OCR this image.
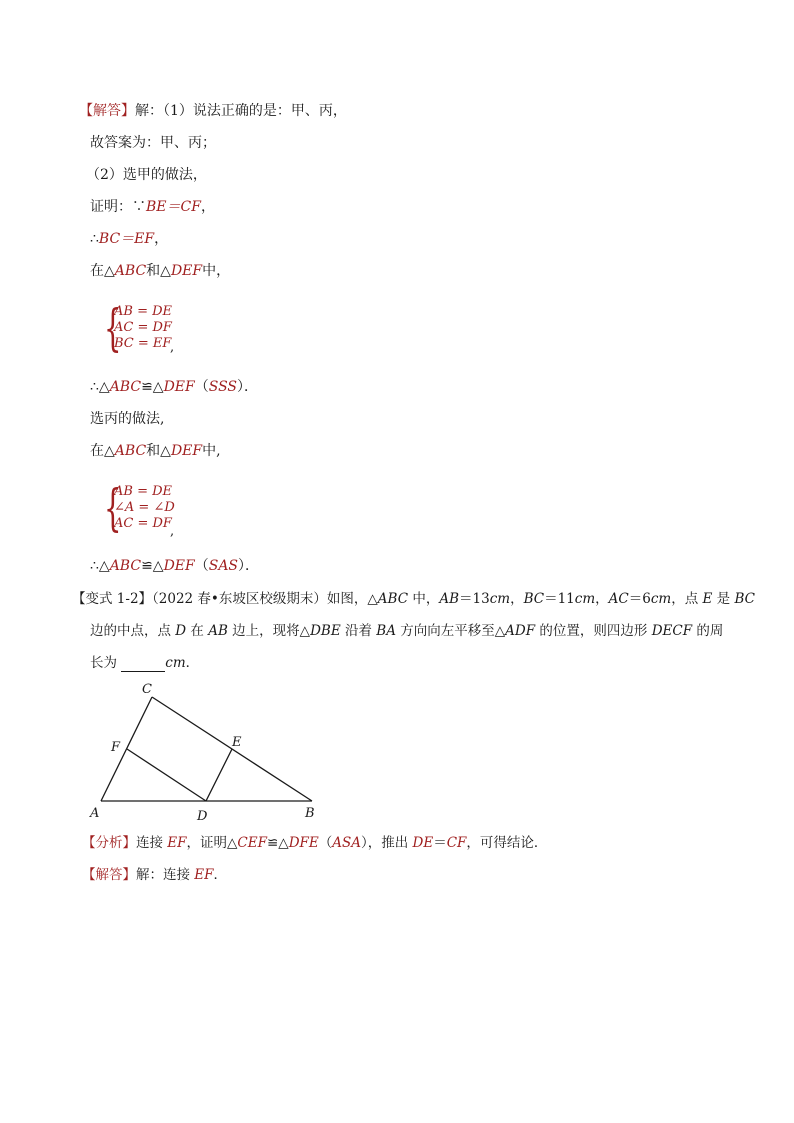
【解答】解：（1）说法正确的是：甲、丙，
故答案为：甲、丙；
（2）选甲的做法，
证明：∵BE＝CF，
∴BC＝EF，
在△ABC和△DEF中，
{
AB = DE
AC = DF
BC = EF
,
∴△ABC≌△DEF（SSS）．
选丙的做法,
在△ABC和△DEF中,
{
AB = DE
∠A = ∠D
AC = DF
,
∴△ABC≌△DEF（SAS）．
【变式 1-2】（2022 春•东坡区校级期末）如图，△ABC 中，AB＝13cm，BC＝11cm，AC＝6cm，点 E 是 BC
边的中点，点 D 在 AB 边上，现将△DBE 沿着 BA 方向向左平移至△ADF 的位置，则四边形 DECF 的周
长为	cm．
A	B
C
D
E
F
【分析】连接 EF，证明△CEF≌△DFE（ASA），推出 DE＝CF，可得结论．
【解答】解：连接 EF．
